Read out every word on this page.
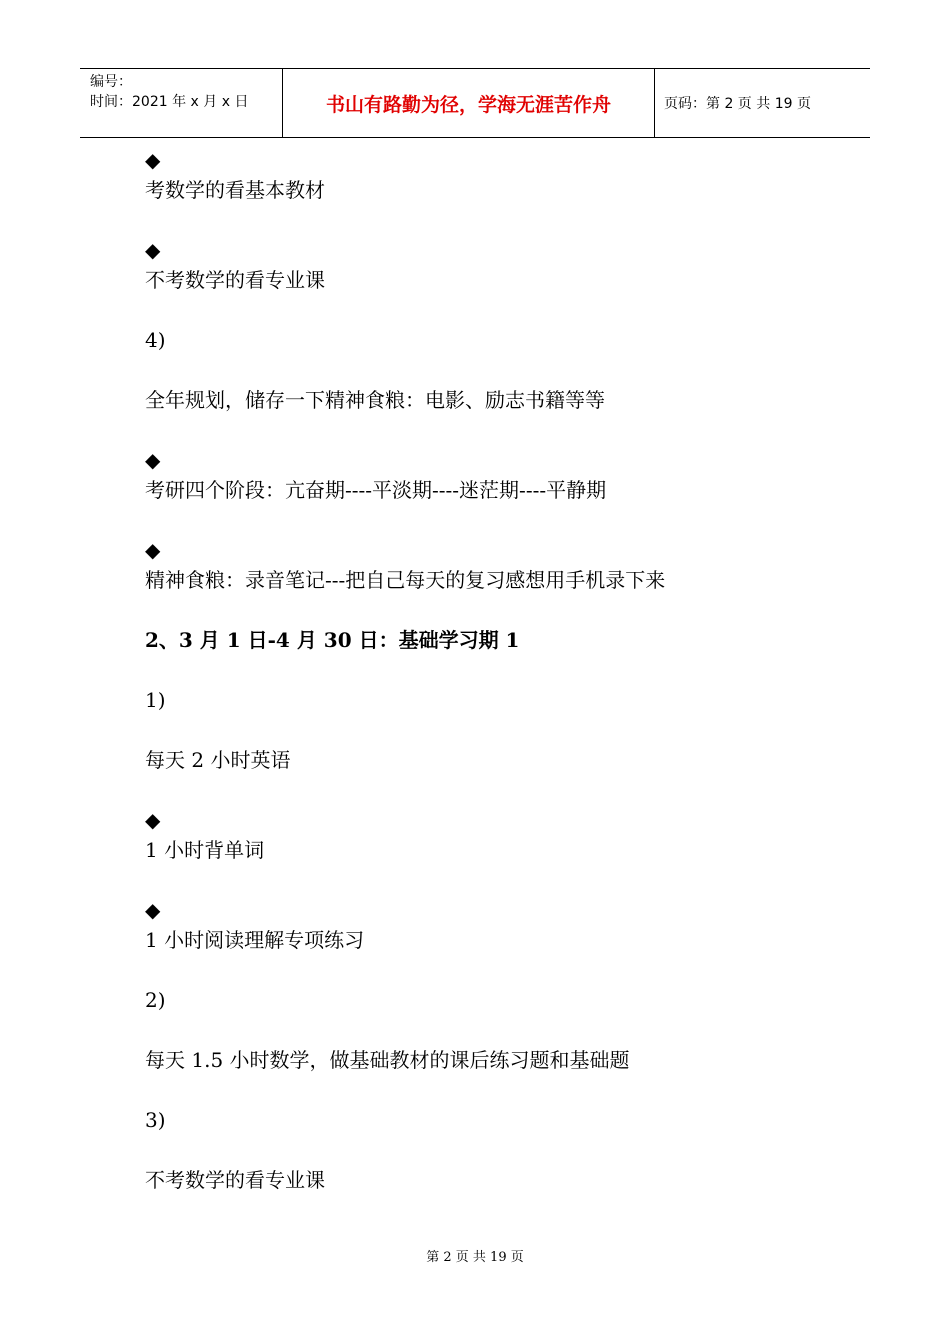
编号：
时间：2021 年 x 月 x 日	书山有路勤为径，学海无涯苦作舟	页码：第 2 页 共 19 页
◆
考数学的看基本教材
◆
不考数学的看专业课
4)
全年规划，储存一下精神食粮：电影、励志书籍等等
◆
考研四个阶段：亢奋期----平淡期----迷茫期----平静期
◆
精神食粮：录音笔记---把自己每天的复习感想用手机录下来
2、3 月 1 日-4 月 30 日：基础学习期 1
1)
每天 2 小时英语
◆
1 小时背单词
◆
1 小时阅读理解专项练习
2)
每天 1.5 小时数学，做基础教材的课后练习题和基础题
3)
不考数学的看专业课
第 2 页 共 19 页
